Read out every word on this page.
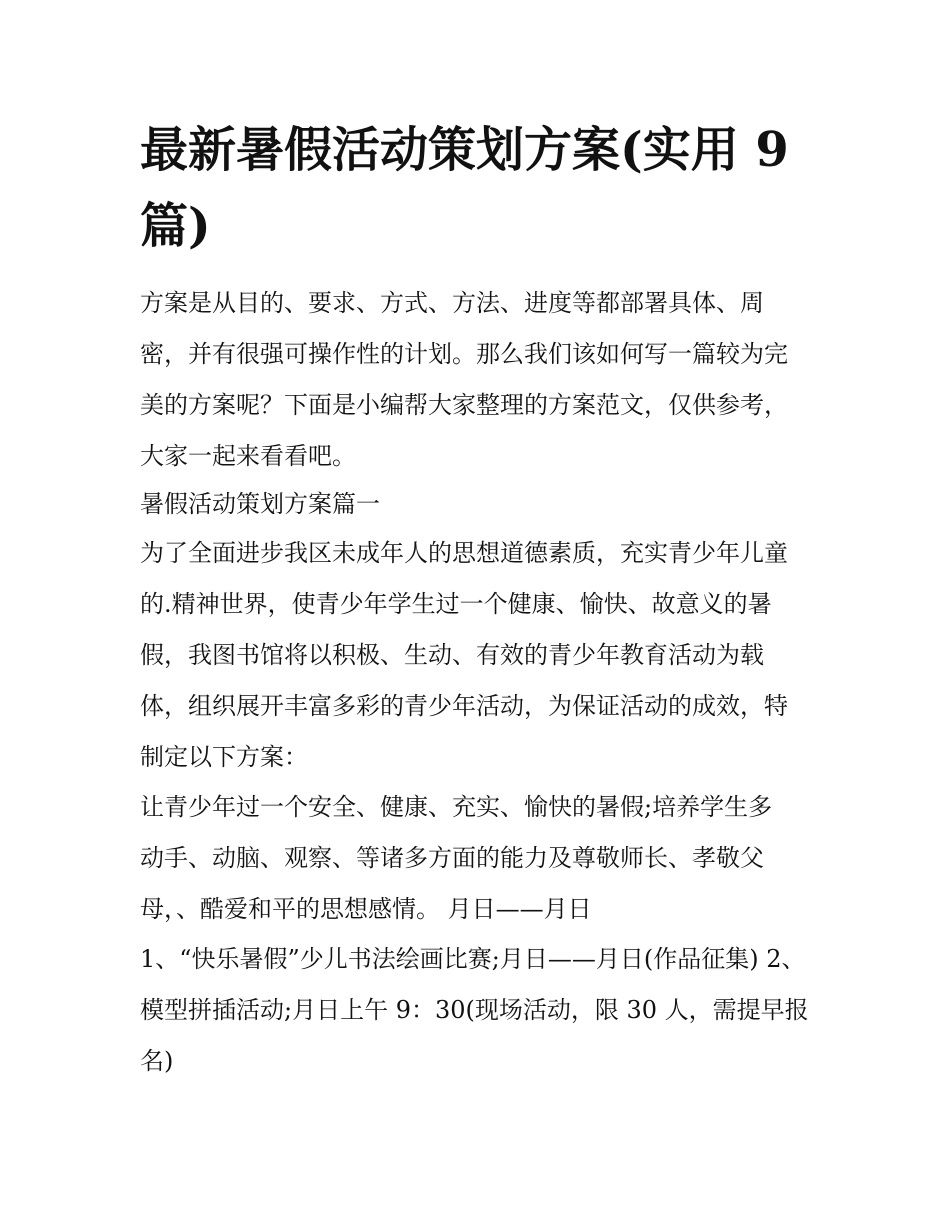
最新暑假活动策划方案(实用 9
篇)
方案是从目的、要求、方式、方法、进度等都部署具体、周
密，并有很强可操作性的计划。那么我们该如何写一篇较为完
美的方案呢？下面是小编帮大家整理的方案范文，仅供参考，
大家一起来看看吧。
暑假活动策划方案篇一
为了全面进步我区未成年人的思想道德素质，充实青少年儿童
的.精神世界，使青少年学生过一个健康、愉快、故意义的暑
假，我图书馆将以积极、生动、有效的青少年教育活动为载
体，组织展开丰富多彩的青少年活动，为保证活动的成效，特
制定以下方案：
让青少年过一个安全、健康、充实、愉快的暑假;培养学生多
动手、动脑、观察、等诸多方面的能力及尊敬师长、孝敬父
母，、酷爱和平的思想感情。 月日——月日
1、“快乐暑假”少儿书法绘画比赛;月日——月日(作品征集) 2、
模型拼插活动;月日上午 9：30(现场活动，限 30 人，需提早报
名)
